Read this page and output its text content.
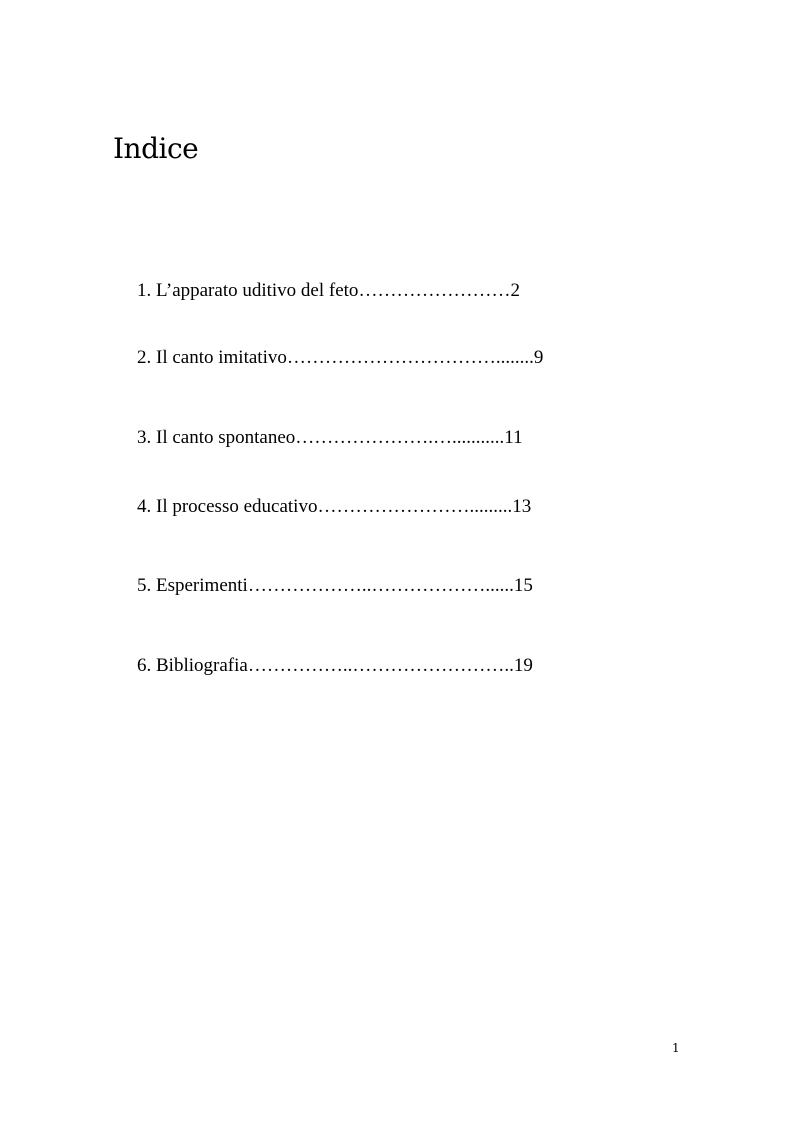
Indice
1. L’apparato uditivo del feto……………………2
2. Il canto imitativo……………………………........9
3. Il canto spontaneo………………….…...........11
4. Il processo educativo…………………….........13
5. Esperimenti………………..………………......15
6. Bibliografia……………..……………………..19
1
